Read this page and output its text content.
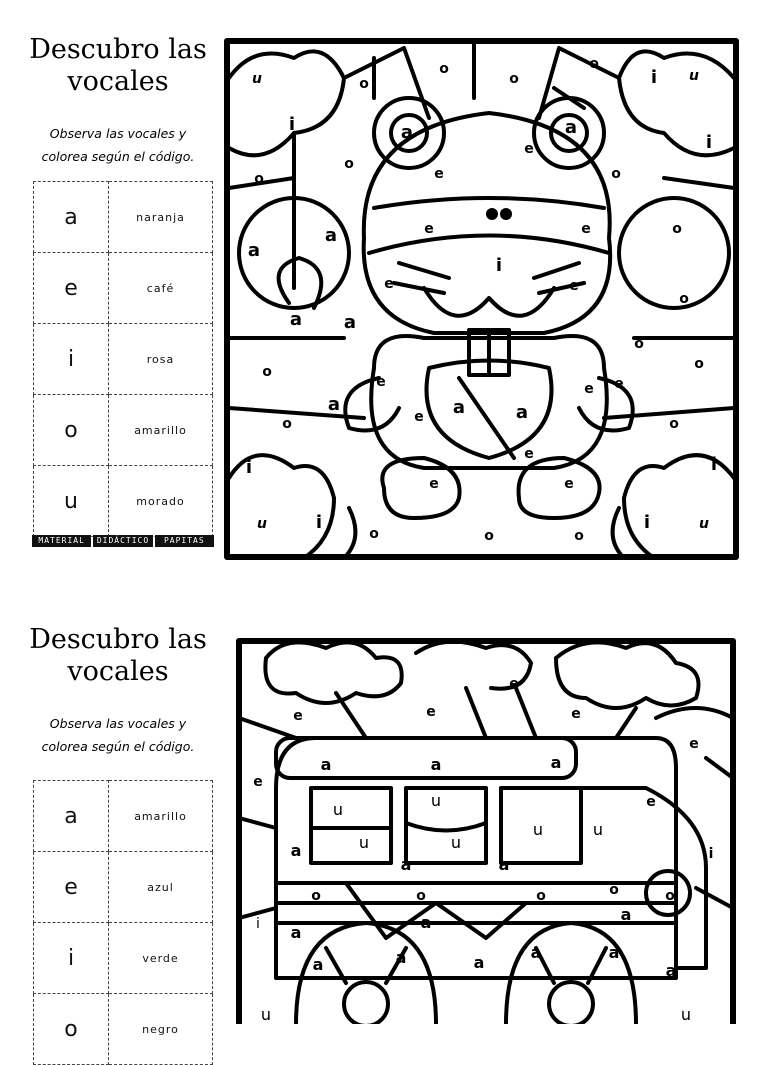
Descubro las
vocales
Observa las vocales y
colorea según el código.
a	naranja
e	café
i	rosa
o	amarillo
u	morado
MATERIAL	DIDÁCTICO	PAPITAS
u	u
o
o
o
o
i
i
i
a	a
e
e
o
o	o
a
a
e	e	o
i
e	e
o
a a
o
o	o
e	e e
a
e a	a
o	o
e
i	i
e	e
u	u
i	i
o	o	o
Descubro las
vocales
Observa las vocales y
colorea según el código.
a	amarillo
e	azul
i	verde
o	negro
e	e
e
e
e
e
e
a	a	a
u	u
u	u
u	u
a
a	a
i
o	o	o	o	o
i a
a	a
a	a	a
a	a
a
u	u
